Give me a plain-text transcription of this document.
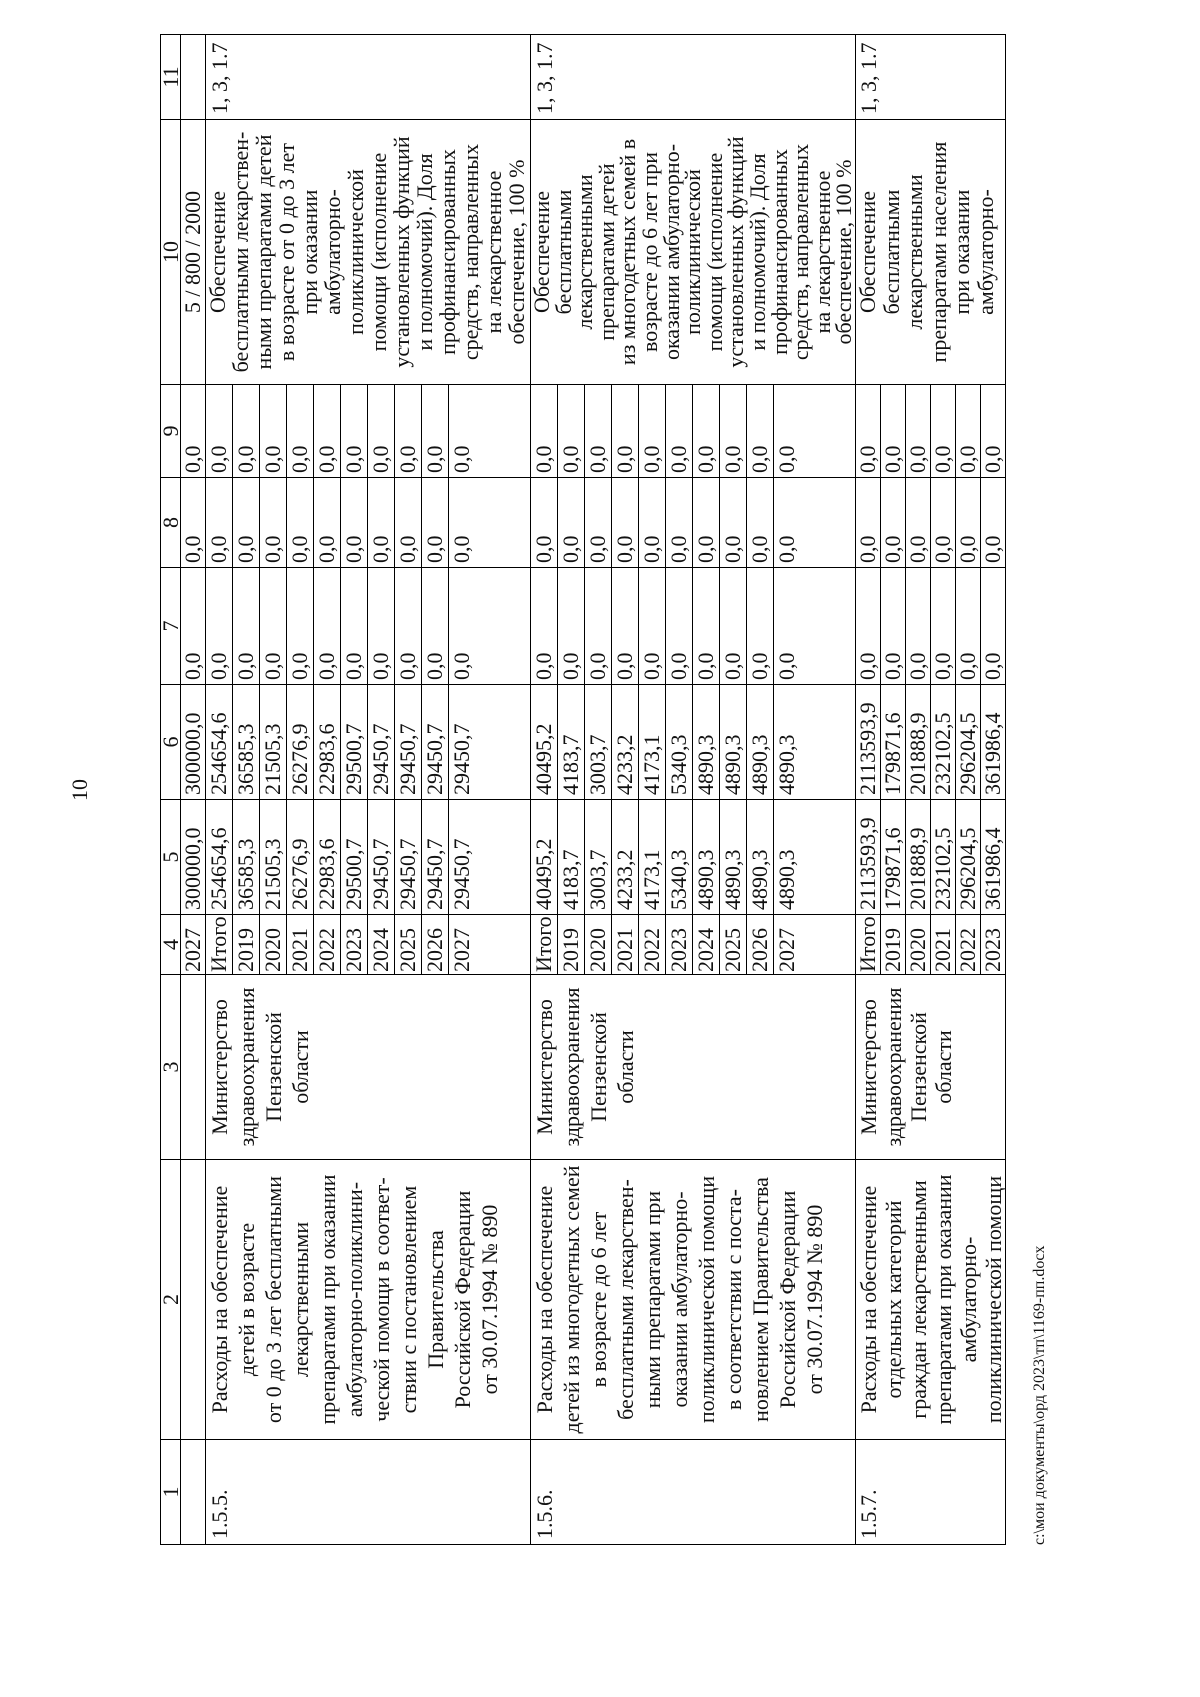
10
1
2
3
4
5
6
7
8
9
10
11
2027
300000,0
300000,0
0,0
0,0
0,0
5 / 800 / 2000
1.5.5.
Расходы на обеспечение
детей в возрасте
от 0 до 3 лет бесплатными
лекарственными
препаратами при оказании
амбулаторно-поликлини-
ческой помощи в соответ-
ствии с постановлением
Правительства
Российской Федерации
от 30.07.1994 № 890
Министерство
здравоохранения
Пензенской
области
Итого
254654,6
254654,6
0,0
0,0
0,0
2019
36585,3
36585,3
0,0
0,0
0,0
2020
21505,3
21505,3
0,0
0,0
0,0
2021
26276,9
26276,9
0,0
0,0
0,0
2022
22983,6
22983,6
0,0
0,0
0,0
2023
29500,7
29500,7
0,0
0,0
0,0
2024
29450,7
29450,7
0,0
0,0
0,0
2025
29450,7
29450,7
0,0
0,0
0,0
2026
29450,7
29450,7
0,0
0,0
0,0
2027
29450,7
29450,7
0,0
0,0
0,0
Обеспечение
бесплатными лекарствен-
ными препаратами детей
в возрасте от 0 до 3 лет
при оказании
амбулаторно-
поликлинической
помощи (исполнение
установленных функций
и полномочий). Доля
профинансированных
средств, направленных
на лекарственное
обеспечение, 100 %
1, 3, 1.7
1.5.6.
Расходы на обеспечение
детей из многодетных семей
в возрасте до 6 лет
бесплатными лекарствен-
ными препаратами при
оказании амбулаторно-
поликлинической помощи
в соответствии с поста-
новлением Правительства
Российской Федерации
от 30.07.1994 № 890
Министерство
здравоохранения
Пензенской
области
Итого
40495,2
40495,2
0,0
0,0
0,0
2019
4183,7
4183,7
0,0
0,0
0,0
2020
3003,7
3003,7
0,0
0,0
0,0
2021
4233,2
4233,2
0,0
0,0
0,0
2022
4173,1
4173,1
0,0
0,0
0,0
2023
5340,3
5340,3
0,0
0,0
0,0
2024
4890,3
4890,3
0,0
0,0
0,0
2025
4890,3
4890,3
0,0
0,0
0,0
2026
4890,3
4890,3
0,0
0,0
0,0
2027
4890,3
4890,3
0,0
0,0
0,0
Обеспечение
бесплатными
лекарственными
препаратами детей
из многодетных семей в
возрасте до 6 лет при
оказании амбулаторно-
поликлинической
помощи (исполнение
установленных функций
и полномочий). Доля
профинансированных
средств, направленных
на лекарственное
обеспечение, 100 %
1, 3, 1.7
1.5.7.
Расходы на обеспечение
отдельных категорий
граждан лекарственными
препаратами при оказании
амбулаторно-
поликлинической помощи
Министерство
здравоохранения
Пензенской
области
Итого
2113593,9
2113593,9
0,0
0,0
0,0
2019
179871,6
179871,6
0,0
0,0
0,0
2020
201888,9
201888,9
0,0
0,0
0,0
2021
232102,5
232102,5
0,0
0,0
0,0
2022
296204,5
296204,5
0,0
0,0
0,0
2023
361986,4
361986,4
0,0
0,0
0,0
Обеспечение
бесплатными
лекарственными
препаратами населения
при оказании
амбулаторно-
1, 3, 1.7
c:\мои документы\орд 2023\тп\1169-пп.docx
